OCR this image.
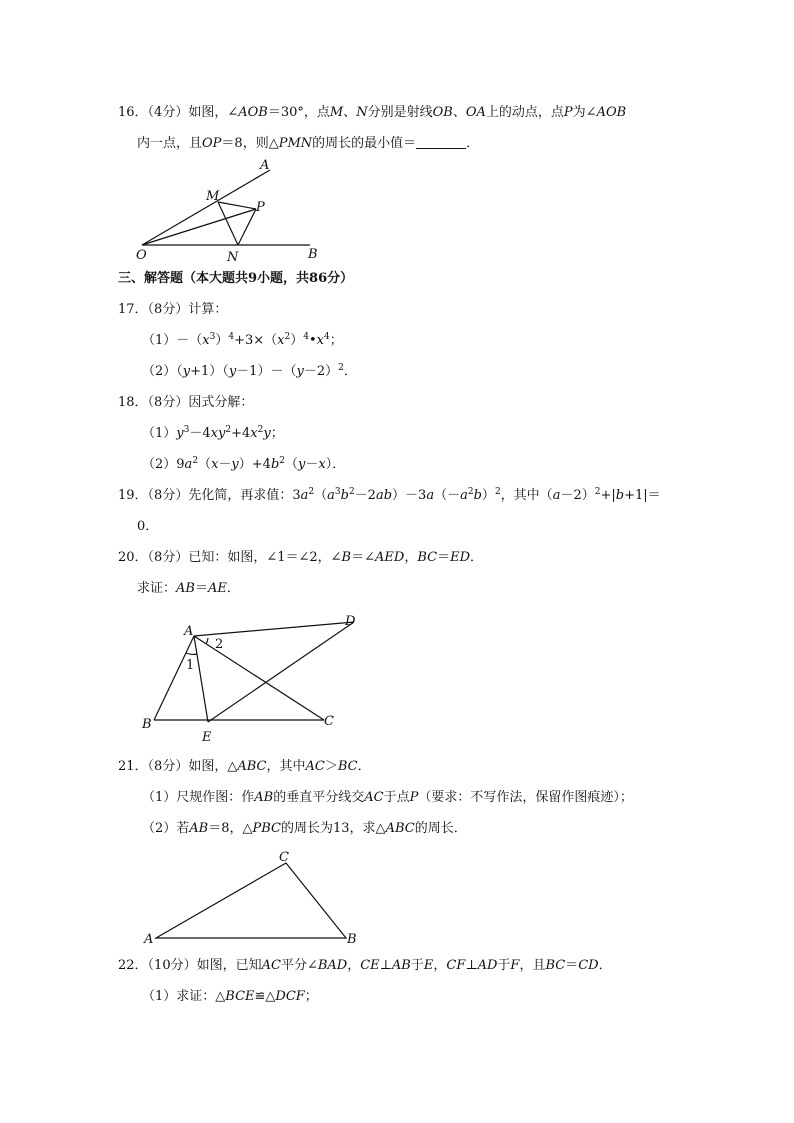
16．（4分）如图，∠AOB＝30°，点M、N分别是射线OB、OA上的动点，点P为∠AOB
内一点，且OP＝8，则△PMN的周长的最小值＝	．
A
M
P
O	N	B
三、解答题（本大题共9小题，共86分）
17．（8分）计算：
$(1)-(x^3)^4+3\times(x^2)^4•x^4$；
$(2)(y+1)(y-1)-(y-2)^2$．
18．（8分）因式分解：
$(1)y^3-4xy^2+4x^2y$；
$(2)9a^2(x-y)+4b^2(y-x)$．
19．（8分）先化简，再求值：$3a^2(a^3b^2-2ab)-3a(-a^2b)^2$，其中$(a-2)^2+|b+1|=$
0．
20．（8分）已知：如图，∠1＝∠2，∠B＝∠AED，BC＝ED．
求证：AB＝AE．
A
D
1
2
B
E
C
21．（8分）如图，△ABC，其中AC＞BC．
（1）尺规作图：作AB的垂直平分线交AC于点P（要求：不写作法，保留作图痕迹）；
（2）若AB＝8，△PBC的周长为13，求△ABC的周长．
C
A	B
22．（10分）如图，已知AC平分∠BAD，CE⊥AB于E，CF⊥AD于F，且BC＝CD．
（1）求证：△BCE≌△DCF；
